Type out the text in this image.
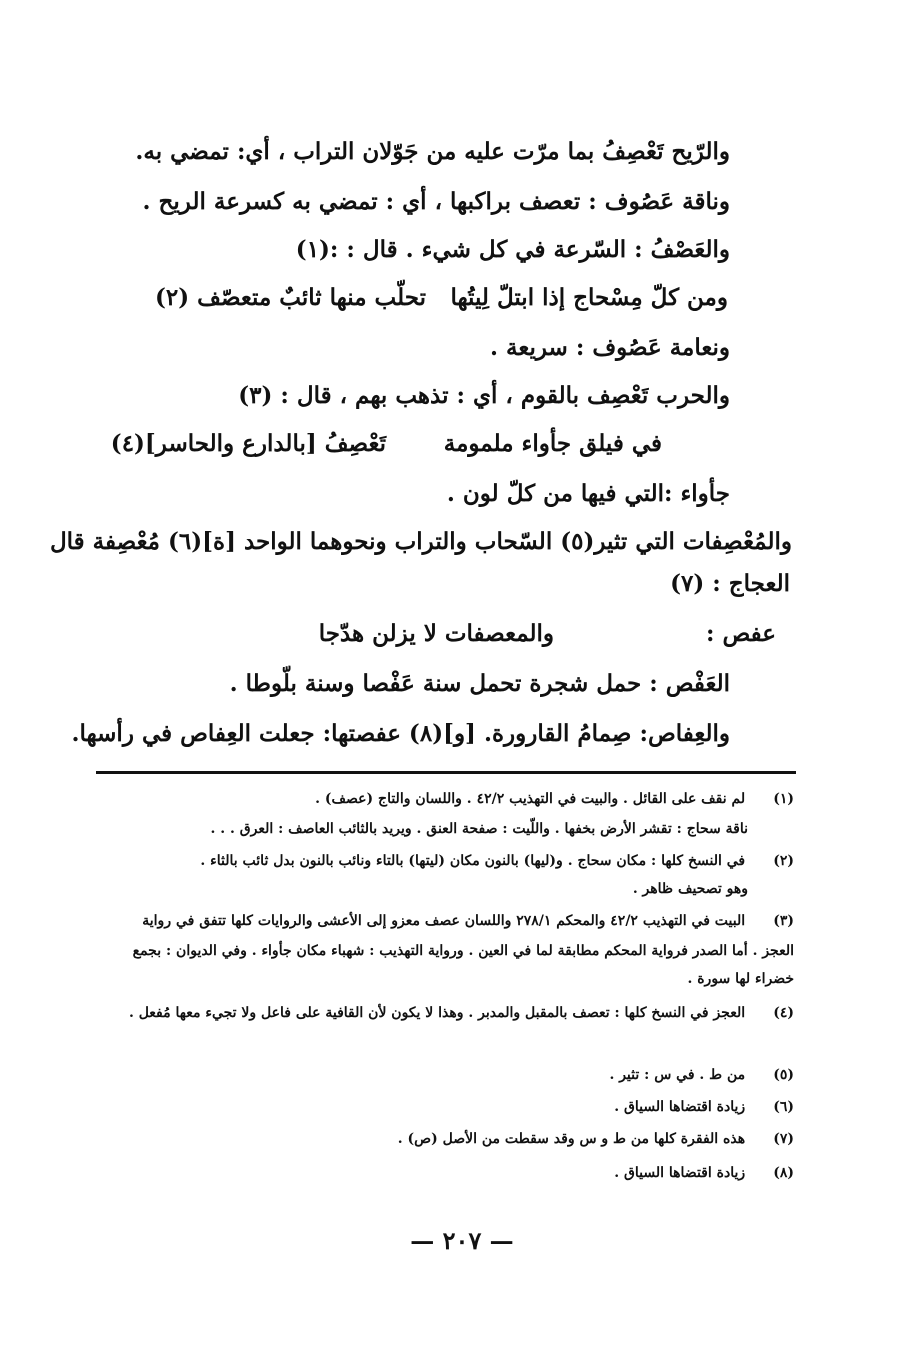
والرّيح تَعْصِفُ بما مرّت عليه من جَوّلان التراب ، أي: تمضي به.
وناقة عَصُوف : تعصف براكبها ، أي : تمضي به كسرعة الريح .
والعَصْفُ : السّرعة في كل شيء . قال : :(١)
ومن كلّ مِسْحاج إذا ابتلّ لِيتُها
تحلّب منها ثائبٌ متعصّف (٢)
ونعامة عَصُوف : سريعة .
والحرب تَعْصِف بالقوم ، أي : تذهب بهم ، قال : (٣)
في فيلق جأواء ملمومة
تَعْصِفُ [بالدارع والحاسر](٤)
جأواء :التي فيها من كلّ لون .
والمُعْصِفات التي تثير(٥) السّحاب والتراب ونحوهما الواحد [ة](٦) مُعْصِفة قال
العجاج : (٧)
عفص :
والمعصفات لا يزلن هدّجا
العَفْص : حمل شجرة تحمل سنة عَفْصا وسنة بلّوطا .
والعِفاص: صِمامُ القارورة. [و](٨) عفصتها: جعلت العِفاص في رأسها.
(١) لم نقف على القائل . والبيت في التهذيب ٤٢/٢ . واللسان والتاج (عصف) .
ناقة سحاج : تقشر الأرض بخفها . واللّيت : صفحة العنق . ويريد بالثائب العاصف : العرق . . .
(٢) في النسخ كلها : مكان سحاج . و(ليها) بالنون مكان (ليتها) بالتاء ونائب بالنون بدل ثائب بالثاء .
وهو تصحيف ظاهر .
(٣) البيت في التهذيب ٤٢/٢ والمحكم ٢٧٨/١ واللسان عصف معزو إلى الأعشى والروايات كلها تتفق في رواية
العجز . أما الصدر فرواية المحكم مطابقة لما في العين . ورواية التهذيب : شهباء مكان جأواء . وفي الديوان : بجمع
خضراء لها سورة .
(٤) العجز في النسخ كلها : تعصف بالمقبل والمدبر . وهذا لا يكون لأن القافية على فاعل ولا تجيء معها مُفعل .
(٥) من ط . في س : تثير .
(٦) زيادة اقتضاها السياق .
(٧) هذه الفقرة كلها من ط و س وقد سقطت من الأصل (ص) .
(٨) زيادة اقتضاها السياق .
— ٢٠٧ —
